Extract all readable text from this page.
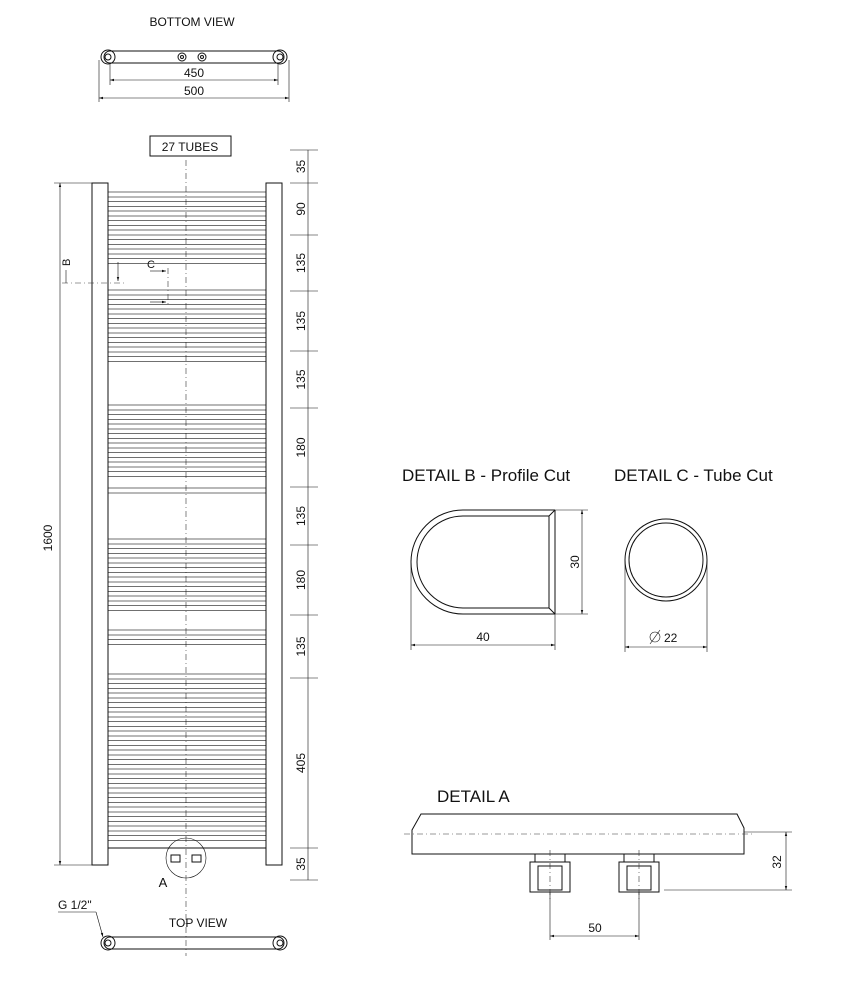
BOTTOM VIEW
450
500
27 TUBES
A
B	C
1600
35
90
135
135
135
180
135
180
135
405
35
G 1/2"
TOP VIEW
DETAIL B - Profile Cut
40
30
DETAIL C - Tube Cut
22
DETAIL A
50
32
